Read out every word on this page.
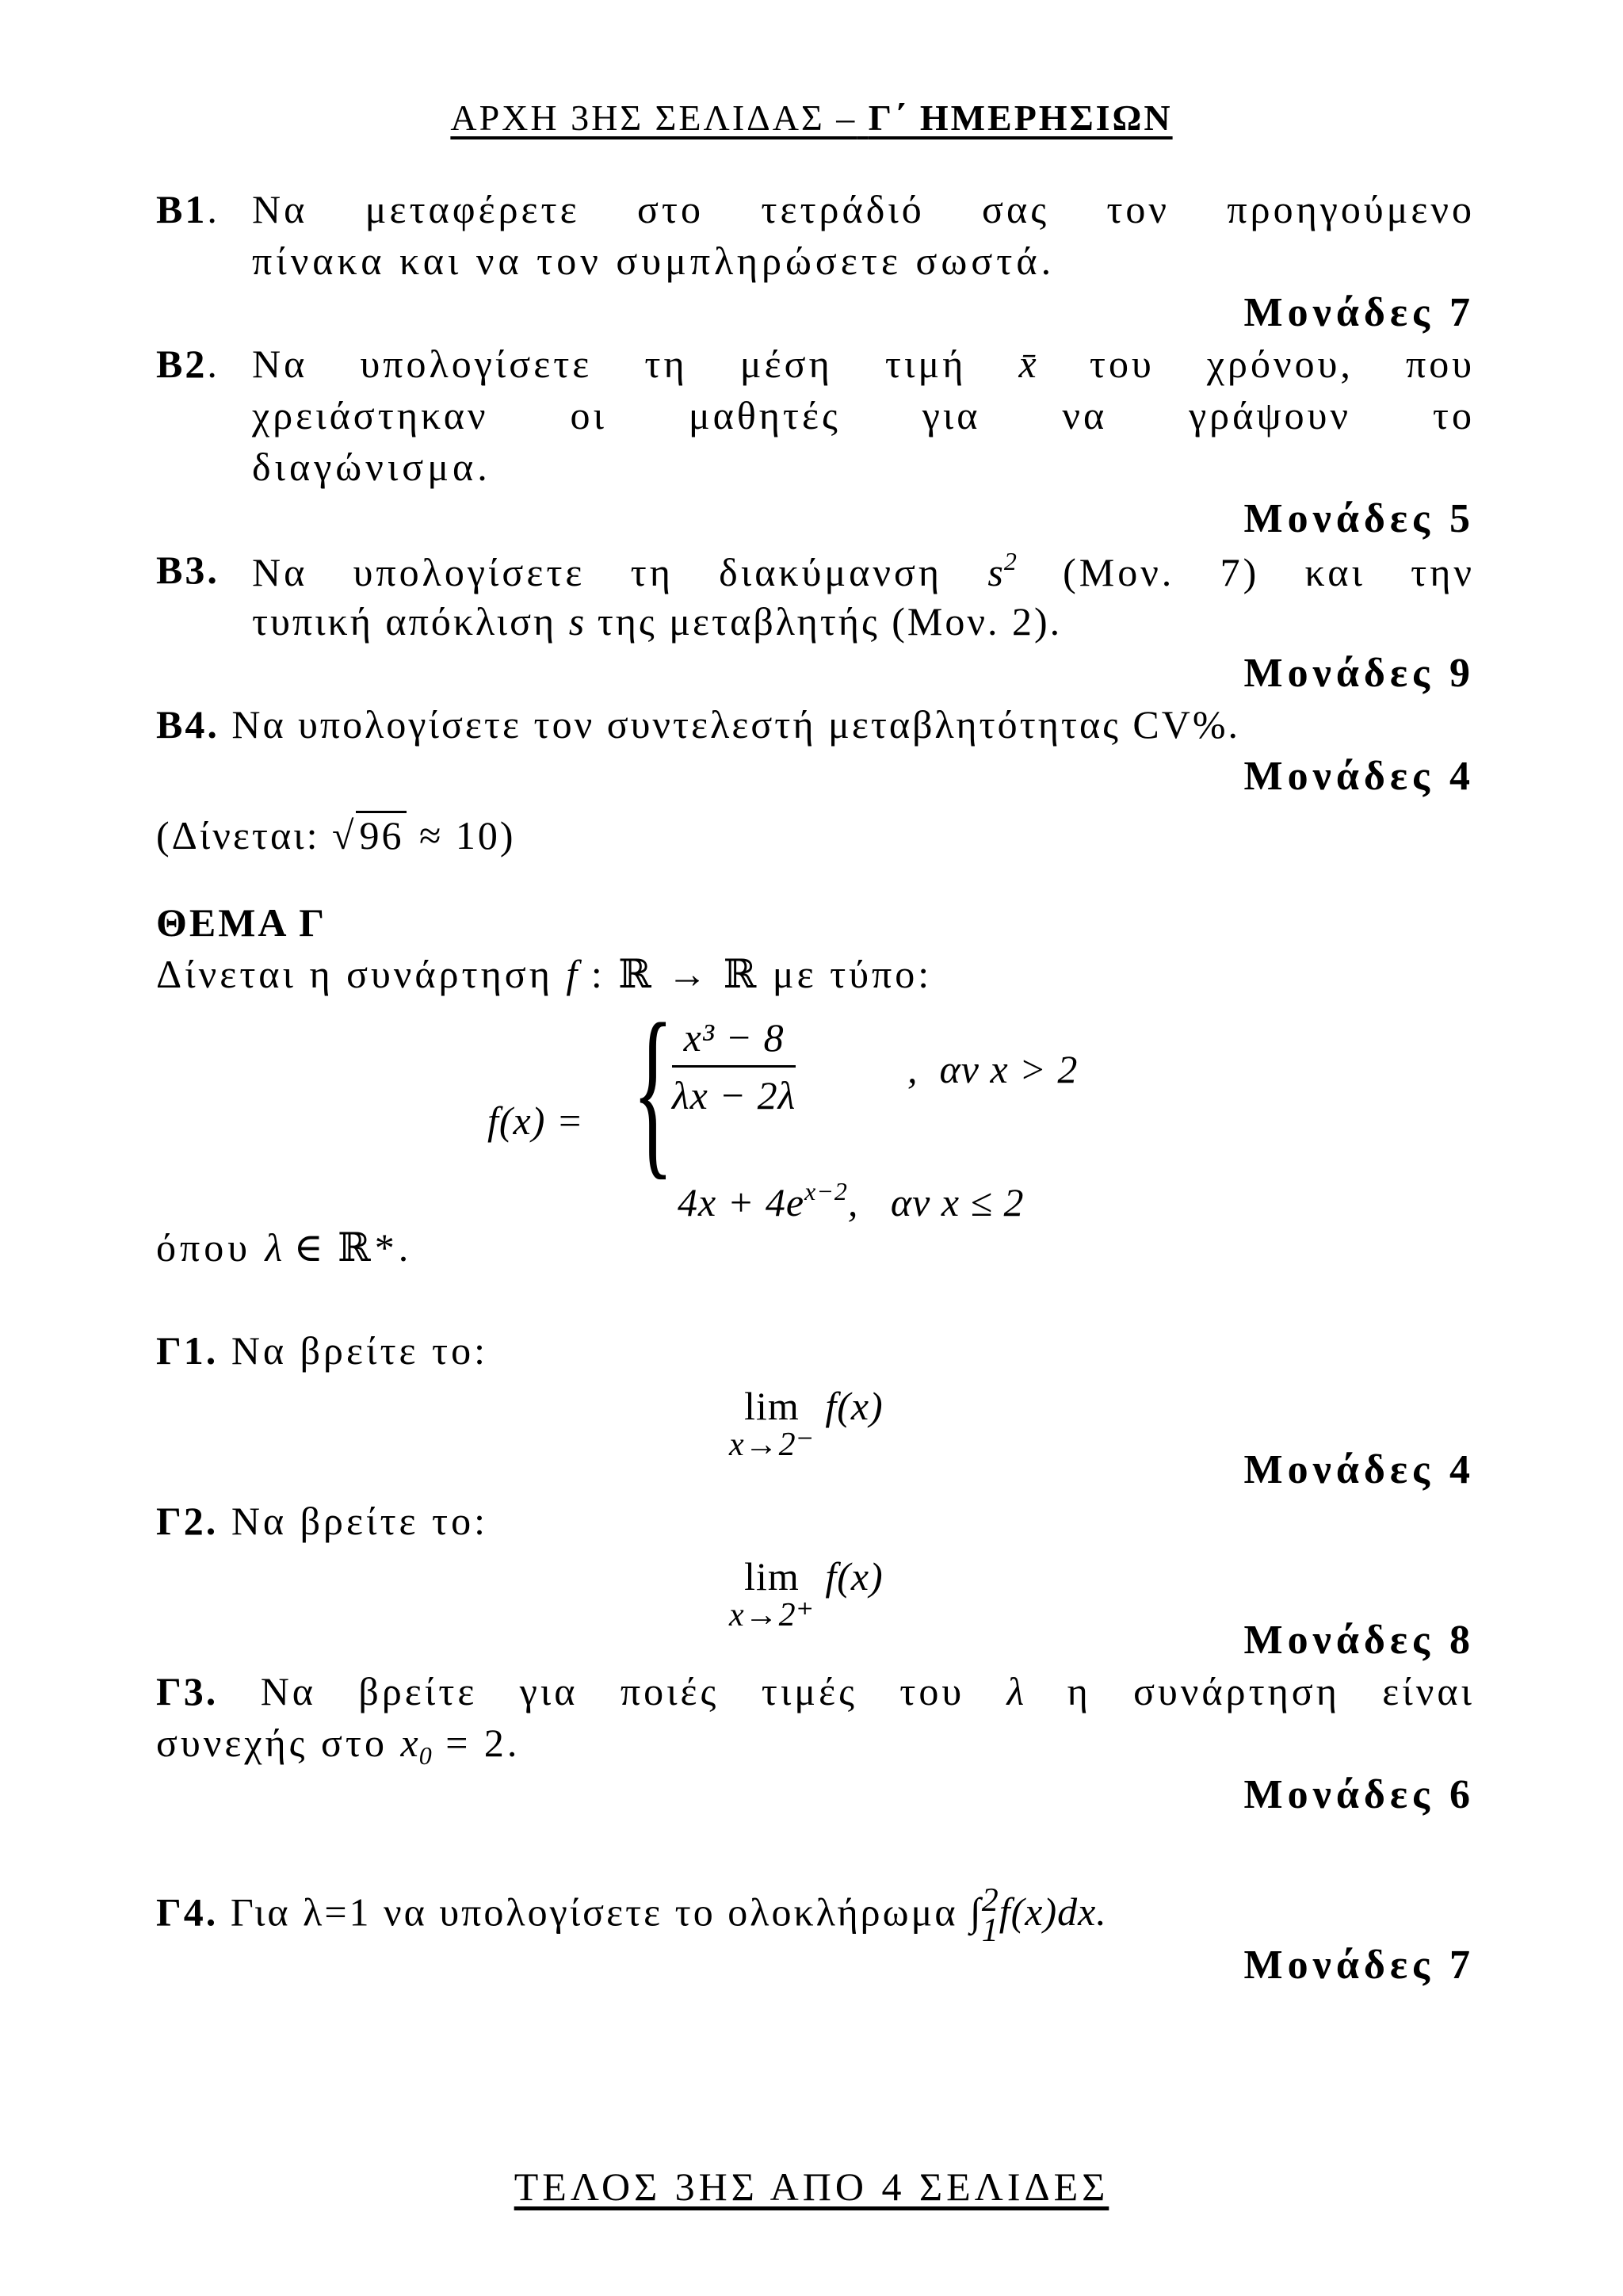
ΑΡΧΗ 3ΗΣ ΣΕΛΙΔΑΣ – Γ΄ ΗΜΕΡΗΣΙΩΝ
Β1. Να μεταφέρετε στο τετράδιό σας τον προηγούμενο
πίνακα και να τον συμπληρώσετε σωστά.
Μονάδες 7
Β2. Να υπολογίσετε τη μέση τιμή x̄ του χρόνου, που
χρειάστηκαν οι μαθητές για να γράψουν το
διαγώνισμα.
Μονάδες 5
Β3. Να υπολογίσετε τη διακύμανση $s^2$ (Μον. 7) και την
τυπική απόκλιση s της μεταβλητής (Μον. 2).
Μονάδες 9
Β4. Να υπολογίσετε τον συντελεστή μεταβλητότητας CV%.
Μονάδες 4
(Δίνεται: √96 ≈ 10)
ΘΕΜΑ Γ
Δίνεται η συνάρτηση f : ℝ → ℝ με τύπο:
f(x) = {
$\frac{\text{x³ − 8}}{\lambda x - 2\lambda}$	, αν x > 2
$4x + 4e^{x-2}$, αν x ≤ 2
όπου λ ∈ ℝ*.
Γ1. Να βρείτε το:
lim
x→2⁻
f(x)
Μονάδες 4
Γ2. Να βρείτε το:
lim
x→2⁺
f(x)
Μονάδες 8
Γ3. Να βρείτε για ποιές τιμές του λ η συνάρτηση είναι
συνεχής στο $x_0 = 2$.
Μονάδες 6
Γ4. Για λ=1 να υπολογίσετε το ολοκλήρωμα ∫ 2
1 f(x)dx.
Μονάδες 7
ΤΕΛΟΣ 3ΗΣ ΑΠΟ 4 ΣΕΛΙΔΕΣ
